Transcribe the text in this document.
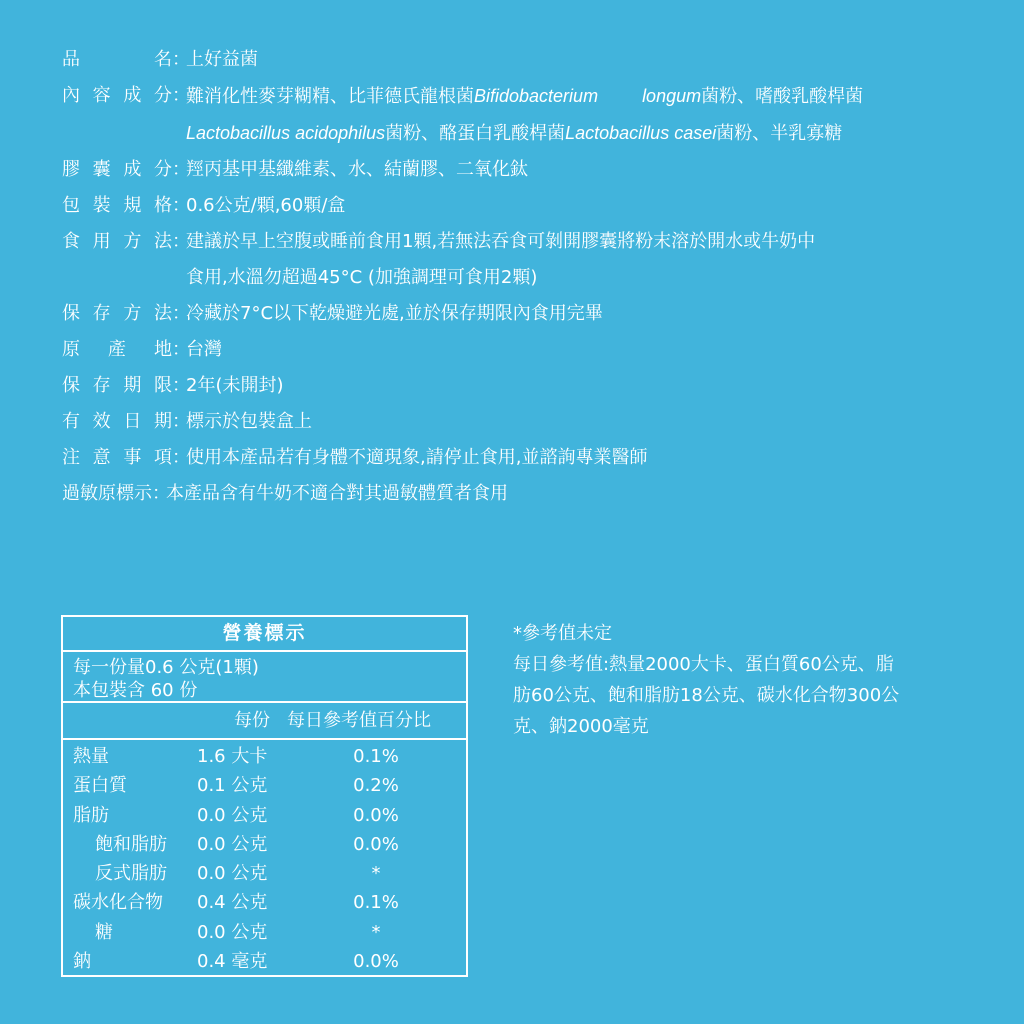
品名 ：
上好益菌
內容成分 ：
難消化性麥芽糊精、比菲德氏龍根菌Bifidobacterium longum菌粉、嗜酸乳酸桿菌
Lactobacillus acidophilus菌粉、酪蛋白乳酸桿菌Lactobacillus casei菌粉、半乳寡糖
膠囊成分 ：
羥丙基甲基纖維素、水、結蘭膠、二氧化鈦
包裝規格 ：
0.6公克/顆,60顆/盒
食用方法 ：
建議於早上空腹或睡前食用1顆,若無法吞食可剝開膠囊將粉末溶於開水或牛奶中
食用,水溫勿超過45°C (加強調理可食用2顆)
保存方法 ：
冷藏於7°C以下乾燥避光處,並於保存期限內食用完畢
原產地 ：
台灣
保存期限 ：
2年(未開封)
有效日期 ：
標示於包裝盒上
注意事項 ：
使用本產品若有身體不適現象,請停止食用,並諮詢專業醫師
過敏原標示 ：
本產品含有牛奶不適合對其過敏體質者食用
營養標示
每一份量0.6 公克(1顆)
本包裝含 60 份
每份 每日參考值百分比
熱量	1.6 大卡	0.1%
蛋白質	0.1 公克	0.2%
脂肪	0.0 公克	0.0%
飽和脂肪 0.0 公克	0.0%
反式脂肪 0.0 公克	*
碳水化合物 0.4 公克	0.1%
糖	0.0 公克	*
鈉	0.4 毫克	0.0%
*參考值未定
每日參考值:熱量2000大卡、蛋白質60公克、脂
肪60公克、飽和脂肪18公克、碳水化合物300公
克、鈉2000毫克
